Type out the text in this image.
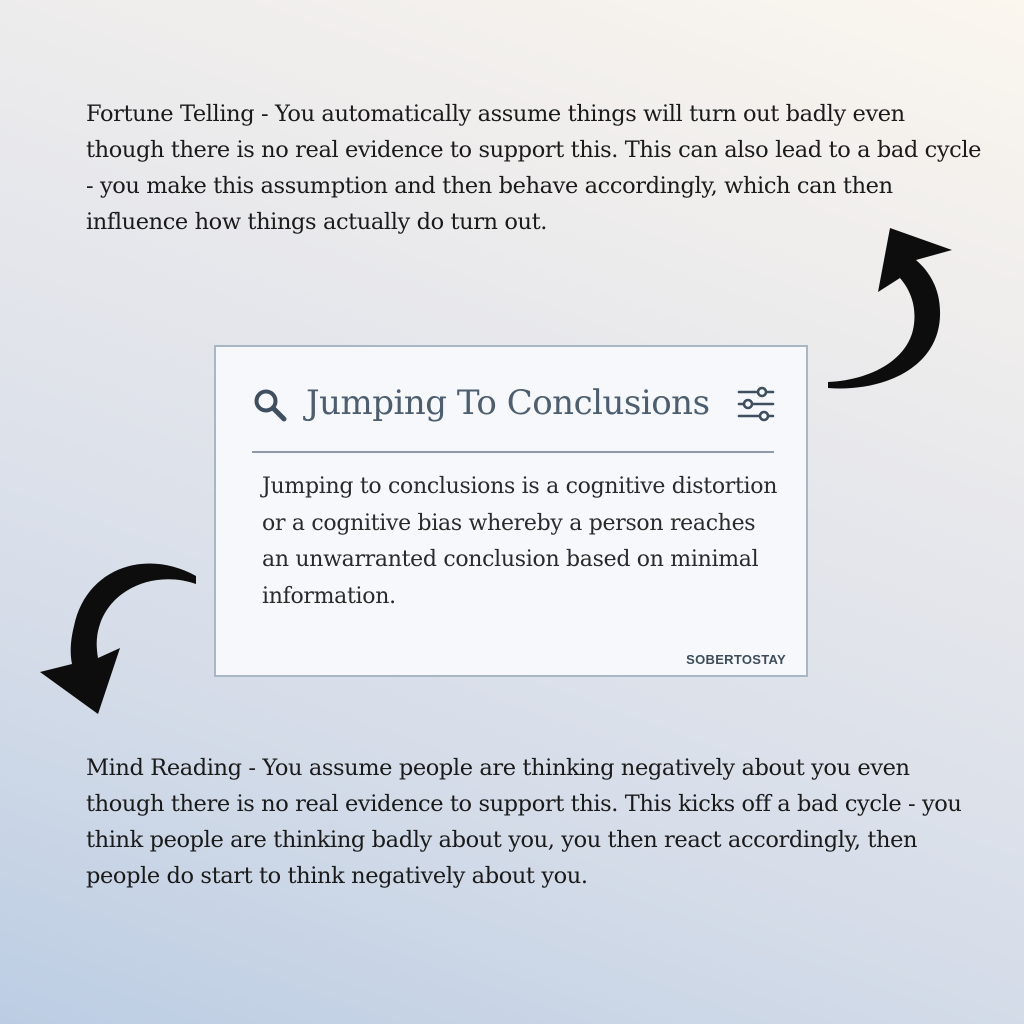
Fortune Telling - You automatically assume things will turn out badly even though there is no real evidence to support this. This can also lead to a bad cycle - you make this assumption and then behave accordingly, which can then influence how things actually do turn out.

Jumping To Conclusions
Jumping to conclusions is a cognitive distortion or a cognitive bias whereby a person reaches an unwarranted conclusion based on minimal information.
SOBERTOSTAY

Mind Reading - You assume people are thinking negatively about you even though there is no real evidence to support this. This kicks off a bad cycle - you think people are thinking badly about you, you then react accordingly, then people do start to think negatively about you.
